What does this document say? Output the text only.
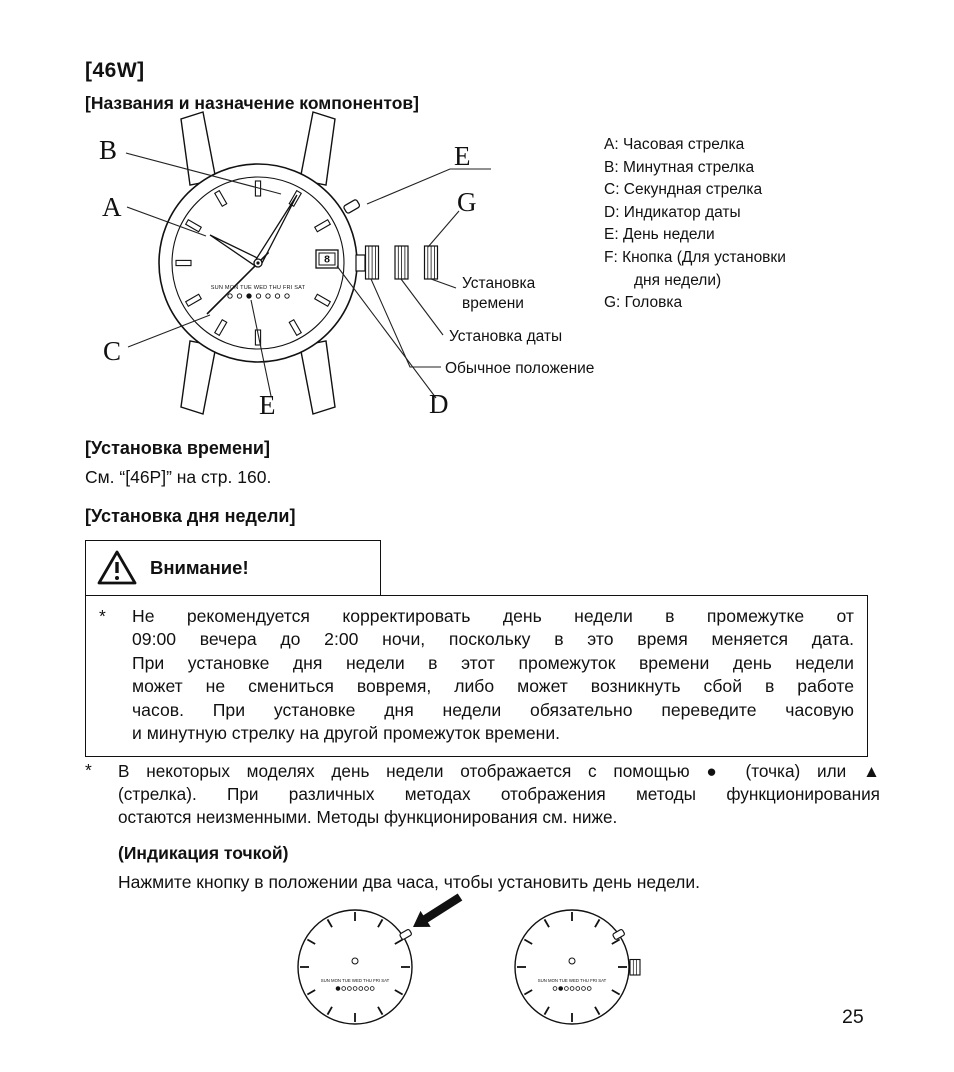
[46W]
[Названия и назначение компонентов]
8
SUN MON TUE WED THU FRI SAT
B
A
C
E
E
G
D
Установка
времени
Установка даты
Обычное положение
A: Часовая стрелка
B: Минутная стрелка
C: Секундная стрелка
D: Индикатор даты
E: День недели
F: Кнопка (Для установки
дня недели)
G: Головка
[Установка времени]
См. “[46P]” на стр. 160.
[Установка дня недели]
Внимание!
*	Не рекомендуется корректировать день недели в промежутке от
09:00 вечера до 2:00 ночи, поскольку в это время меняется дата.
При установке дня недели в этот промежуток времени день недели
может не смениться вовремя, либо может возникнуть сбой в работе
часов. При установке дня недели обязательно переведите часовую
и минутную стрелку на другой промежуток времени.
*	В некоторых моделях день недели отображается с помощью ● (точка) или ▲
(стрелка). При различных методах отображения методы функционирования
остаются неизменными. Методы функционирования см. ниже.
(Индикация точкой)
Нажмите кнопку в положении два часа, чтобы установить день недели.
SUN MON TUE WED THU FRI SAT	SUN MON TUE WED THU FRI SAT
25
